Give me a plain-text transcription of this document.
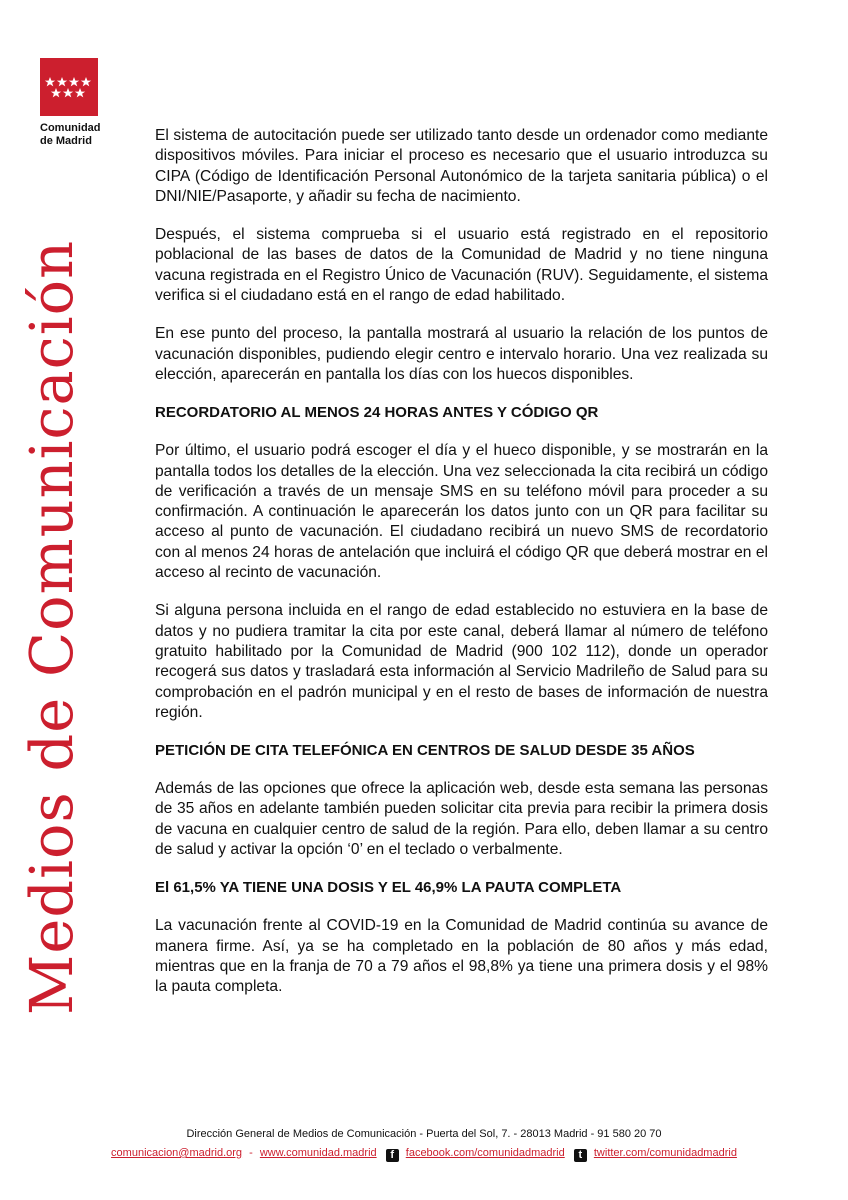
Comunidad
de Madrid
Medios de Comunicación

El sistema de autocitación puede ser utilizado tanto desde un ordenador como mediante dispositivos móviles. Para iniciar el proceso es necesario que el usuario introduzca su CIPA (Código de Identificación Personal Autonómico de la tarjeta sanitaria pública) o el DNI/NIE/Pasaporte, y añadir su fecha de nacimiento.

Después, el sistema comprueba si el usuario está registrado en el repositorio poblacional de las bases de datos de la Comunidad de Madrid y no tiene ninguna vacuna registrada en el Registro Único de Vacunación (RUV). Seguidamente, el sistema verifica si el ciudadano está en el rango de edad habilitado.

En ese punto del proceso, la pantalla mostrará al usuario la relación de los puntos de vacunación disponibles, pudiendo elegir centro e intervalo horario. Una vez realizada su elección, aparecerán en pantalla los días con los huecos disponibles.

RECORDATORIO AL MENOS 24 HORAS ANTES Y CÓDIGO QR

Por último, el usuario podrá escoger el día y el hueco disponible, y se mostrarán en la pantalla todos los detalles de la elección. Una vez seleccionada la cita recibirá un código de verificación a través de un mensaje SMS en su teléfono móvil para proceder a su confirmación. A continuación le aparecerán los datos junto con un QR para facilitar su acceso al punto de vacunación. El ciudadano recibirá un nuevo SMS de recordatorio con al menos 24 horas de antelación que incluirá el código QR que deberá mostrar en el acceso al recinto de vacunación.

Si alguna persona incluida en el rango de edad establecido no estuviera en la base de datos y no pudiera tramitar la cita por este canal, deberá llamar al número de teléfono gratuito habilitado por la Comunidad de Madrid (900 102 112), donde un operador recogerá sus datos y trasladará esta información al Servicio Madrileño de Salud para su comprobación en el padrón municipal y en el resto de bases de información de nuestra región.

PETICIÓN DE CITA TELEFÓNICA EN CENTROS DE SALUD DESDE 35 AÑOS

Además de las opciones que ofrece la aplicación web, desde esta semana las personas de 35 años en adelante también pueden solicitar cita previa para recibir la primera dosis de vacuna en cualquier centro de salud de la región. Para ello, deben llamar a su centro de salud y activar la opción ‘0’ en el teclado o verbalmente.

El 61,5% YA TIENE UNA DOSIS Y EL 46,9% LA PAUTA COMPLETA

La vacunación frente al COVID-19 en la Comunidad de Madrid continúa su avance de manera firme. Así, ya se ha completado en la población de 80 años y más edad, mientras que en la franja de 70 a 79 años el 98,8% ya tiene una primera dosis y el 98% la pauta completa.

Dirección General de Medios de Comunicación - Puerta del Sol, 7. - 28013 Madrid - 91 580 20 70
comunicacion@madrid.org - www.comunidad.madrid f facebook.com/comunidadmadrid t twitter.com/comunidadmadrid
